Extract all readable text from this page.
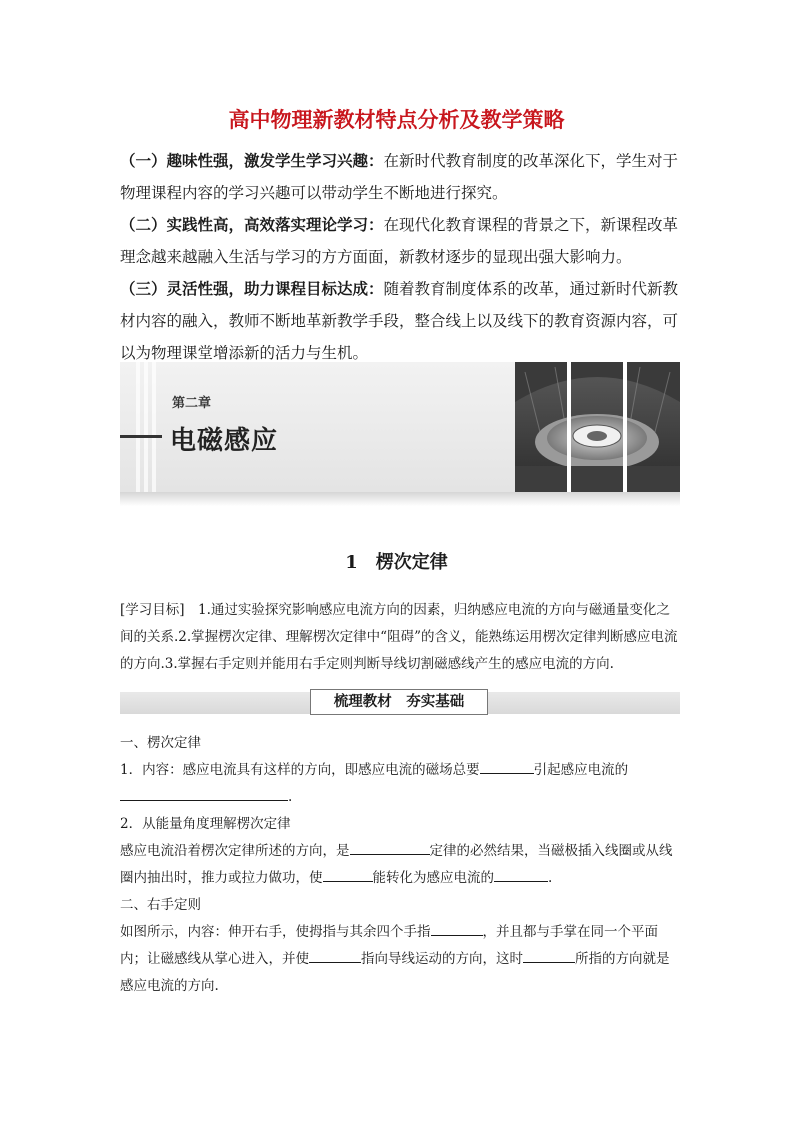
高中物理新教材特点分析及教学策略

（一）趣味性强，激发学生学习兴趣：在新时代教育制度的改革深化下，学生对于物理课程内容的学习兴趣可以带动学生不断地进行探究。

（二）实践性高，高效落实理论学习：在现代化教育课程的背景之下，新课程改革理念越来越融入生活与学习的方方面面，新教材逐步的显现出强大影响力。

（三）灵活性强，助力课程目标达成：随着教育制度体系的改革，通过新时代新教材内容的融入，教师不断地革新教学手段，整合线上以及线下的教育资源内容，可以为物理课堂增添新的活力与生机。

第二章
电磁感应
1　楞次定律
[学习目标]　1.通过实验探究影响感应电流方向的因素，归纳感应电流的方向与磁通量变化之间的关系.2.掌握楞次定律、理解楞次定律中“阻碍”的含义，能熟练运用楞次定律判断感应电流的方向.3.掌握右手定则并能用右手定则判断导线切割磁感线产生的感应电流的方向.
梳理教材　夯实基础
一、楞次定律
1．内容：感应电流具有这样的方向，即感应电流的磁场总要	引起感应电流的
.
2．从能量角度理解楞次定律
感应电流沿着楞次定律所述的方向，是	定律的必然结果，当磁极插入线圈或从线圈内抽出时，推力或拉力做功，使	能转化为感应电流的	.
二、右手定则
如图所示，内容：伸开右手，使拇指与其余四个手指	，并且都与手掌在同一个平面内；让磁感线从掌心进入，并使	指向导线运动的方向，这时	所指的方向就是感应电流的方向.
